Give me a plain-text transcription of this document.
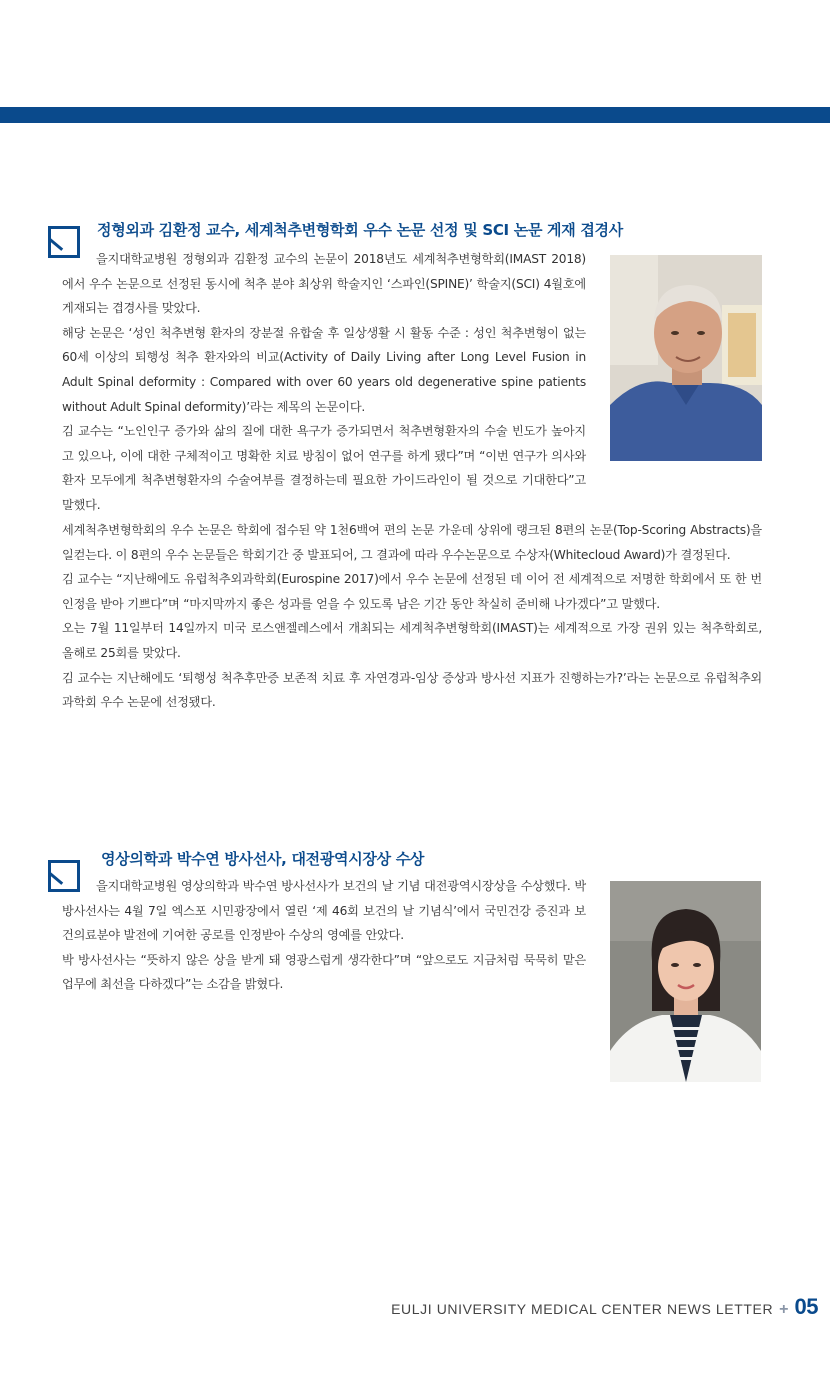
정형외과 김환정 교수, 세계척추변형학회 우수 논문 선정 및 SCI 논문 게재 겹경사

을지대학교병원 정형외과 김환정 교수의 논문이 2018년도 세계척추변형학회(IMAST 2018)에서 우수 논문으로 선정된 동시에 척추 분야 최상위 학술지인 ‘스파인(SPINE)’ 학술지(SCI) 4월호에 게재되는 겹경사를 맞았다.

해당 논문은 ‘성인 척추변형 환자의 장분절 유합술 후 일상생활 시 활동 수준 : 성인 척추변형이 없는 60세 이상의 퇴행성 척추 환자와의 비교(Activity of Daily Living after Long Level Fusion in Adult Spinal deformity : Compared with over 60 years old degenerative spine patients without Adult Spinal deformity)’라는 제목의 논문이다.

김 교수는 “노인인구 증가와 삶의 질에 대한 욕구가 증가되면서 척추변형환자의 수술 빈도가 높아지고 있으나, 이에 대한 구체적이고 명확한 치료 방침이 없어 연구를 하게 됐다”며 “이번 연구가 의사와 환자 모두에게 척추변형환자의 수술여부를 결정하는데 필요한 가이드라인이 될 것으로 기대한다”고 말했다.

세계척추변형학회의 우수 논문은 학회에 접수된 약 1천6백여 편의 논문 가운데 상위에 랭크된 8편의 논문(Top-Scoring Abstracts)을 일컫는다. 이 8편의 우수 논문들은 학회기간 중 발표되어, 그 결과에 따라 우수논문으로 수상자(Whitecloud Award)가 결정된다.

김 교수는 “지난해에도 유럽척추외과학회(Eurospine 2017)에서 우수 논문에 선정된 데 이어 전 세계적으로 저명한 학회에서 또 한 번 인정을 받아 기쁘다”며 “마지막까지 좋은 성과를 얻을 수 있도록 남은 기간 동안 착실히 준비해 나가겠다”고 말했다.

오는 7월 11일부터 14일까지 미국 로스앤젤레스에서 개최되는 세계척추변형학회(IMAST)는 세계적으로 가장 권위 있는 척추학회로, 올해로 25회를 맞았다.

김 교수는 지난해에도 ‘퇴행성 척추후만증 보존적 치료 후 자연경과-임상 증상과 방사선 지표가 진행하는가?’라는 논문으로 유럽척추외과학회 우수 논문에 선정됐다.

영상의학과 박수연 방사선사, 대전광역시장상 수상

을지대학교병원 영상의학과 박수연 방사선사가 보건의 날 기념 대전광역시장상을 수상했다. 박 방사선사는 4월 7일 엑스포 시민광장에서 열린 ‘제 46회 보건의 날 기념식’에서 국민건강 증진과 보건의료분야 발전에 기여한 공로를 인정받아 수상의 영예를 안았다.

박 방사선사는 “뜻하지 않은 상을 받게 돼 영광스럽게 생각한다”며 “앞으로도 지금처럼 묵묵히 맡은 업무에 최선을 다하겠다”는 소감을 밝혔다.

EULJI UNIVERSITY MEDICAL CENTER NEWS LETTER + 05
